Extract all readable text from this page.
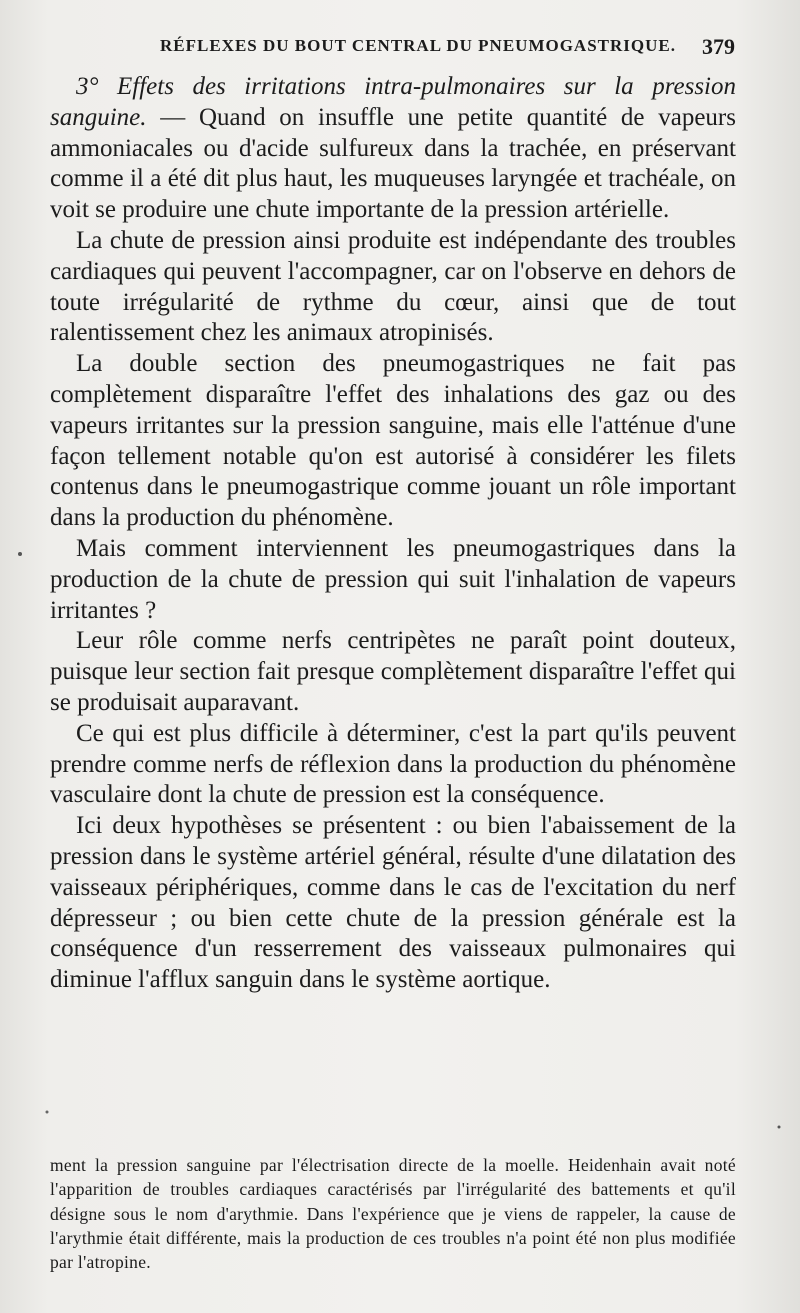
RÉFLEXES DU BOUT CENTRAL DU PNEUMOGASTRIQUE. 379

3° Effets des irritations intra-pulmonaires sur la pression sanguine. — Quand on insuffle une petite quantité de vapeurs ammoniacales ou d'acide sulfureux dans la trachée, en préservant comme il a été dit plus haut, les muqueuses laryngée et trachéale, on voit se produire une chute importante de la pression artérielle.

La chute de pression ainsi produite est indépendante des troubles cardiaques qui peuvent l'accompagner, car on l'observe en dehors de toute irrégularité de rythme du cœur, ainsi que de tout ralentissement chez les animaux atropinisés.

La double section des pneumogastriques ne fait pas complètement disparaître l'effet des inhalations des gaz ou des vapeurs irritantes sur la pression sanguine, mais elle l'atténue d'une façon tellement notable qu'on est autorisé à considérer les filets contenus dans le pneumogastrique comme jouant un rôle important dans la production du phénomène.

Mais comment interviennent les pneumogastriques dans la production de la chute de pression qui suit l'inhalation de vapeurs irritantes ?

Leur rôle comme nerfs centripètes ne paraît point douteux, puisque leur section fait presque complètement disparaître l'effet qui se produisait auparavant.

Ce qui est plus difficile à déterminer, c'est la part qu'ils peuvent prendre comme nerfs de réflexion dans la production du phénomène vasculaire dont la chute de pression est la conséquence.

Ici deux hypothèses se présentent : ou bien l'abaissement de la pression dans le système artériel général, résulte d'une dilatation des vaisseaux périphériques, comme dans le cas de l'excitation du nerf dépresseur ; ou bien cette chute de la pression générale est la conséquence d'un resserrement des vaisseaux pulmonaires qui diminue l'afflux sanguin dans le système aortique.

ment la pression sanguine par l'électrisation directe de la moelle. Heidenhain avait noté l'apparition de troubles cardiaques caractérisés par l'irrégularité des battements et qu'il désigne sous le nom d'arythmie. Dans l'expérience que je viens de rappeler, la cause de l'arythmie était différente, mais la production de ces troubles n'a point été non plus modifiée par l'atropine.
